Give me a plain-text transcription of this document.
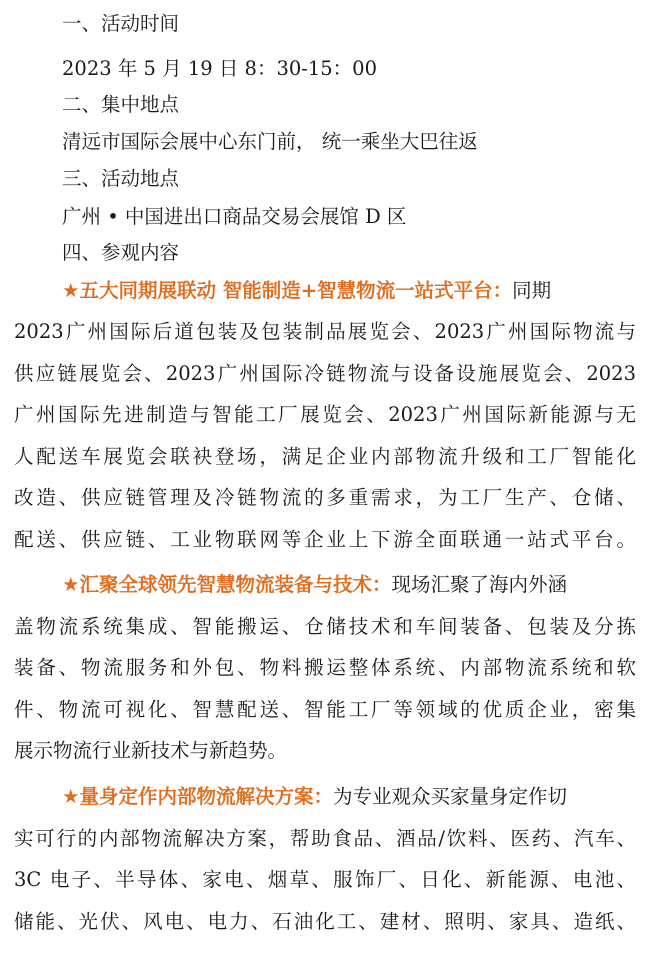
一、活动时间
2023 年 5 月 19 日 8：30-15：00
二、集中地点
清远市国际会展中心东门前， 统一乘坐大巴往返
三、活动地点
广州 • 中国进出口商品交易会展馆 D 区
四、参观内容
★五大同期展联动 智能制造+智慧物流一站式平台：同期
2023广州国际后道包装及包装制品展览会、2023广州国际物流与
供应链展览会、2023广州国际冷链物流与设备设施展览会、2023
广州国际先进制造与智能工厂展览会、2023广州国际新能源与无
人配送车展览会联袂登场，满足企业内部物流升级和工厂智能化
改造、供应链管理及冷链物流的多重需求，为工厂生产、仓储、
配送、供应链、工业物联网等企业上下游全面联通一站式平台。
★汇聚全球领先智慧物流装备与技术：现场汇聚了海内外涵
盖物流系统集成、智能搬运、仓储技术和车间装备、包装及分拣
装备、物流服务和外包、物料搬运整体系统、内部物流系统和软
件、物流可视化、智慧配送、智能工厂等领域的优质企业，密集
展示物流行业新技术与新趋势。
★量身定作内部物流解决方案：为专业观众买家量身定作切
实可行的内部物流解决方案，帮助食品、酒品/饮料、医药、汽车、
3C 电子、半导体、家电、烟草、服饰厂、日化、新能源、电池、
储能、光伏、风电、电力、石油化工、建材、照明、家具、造纸、
